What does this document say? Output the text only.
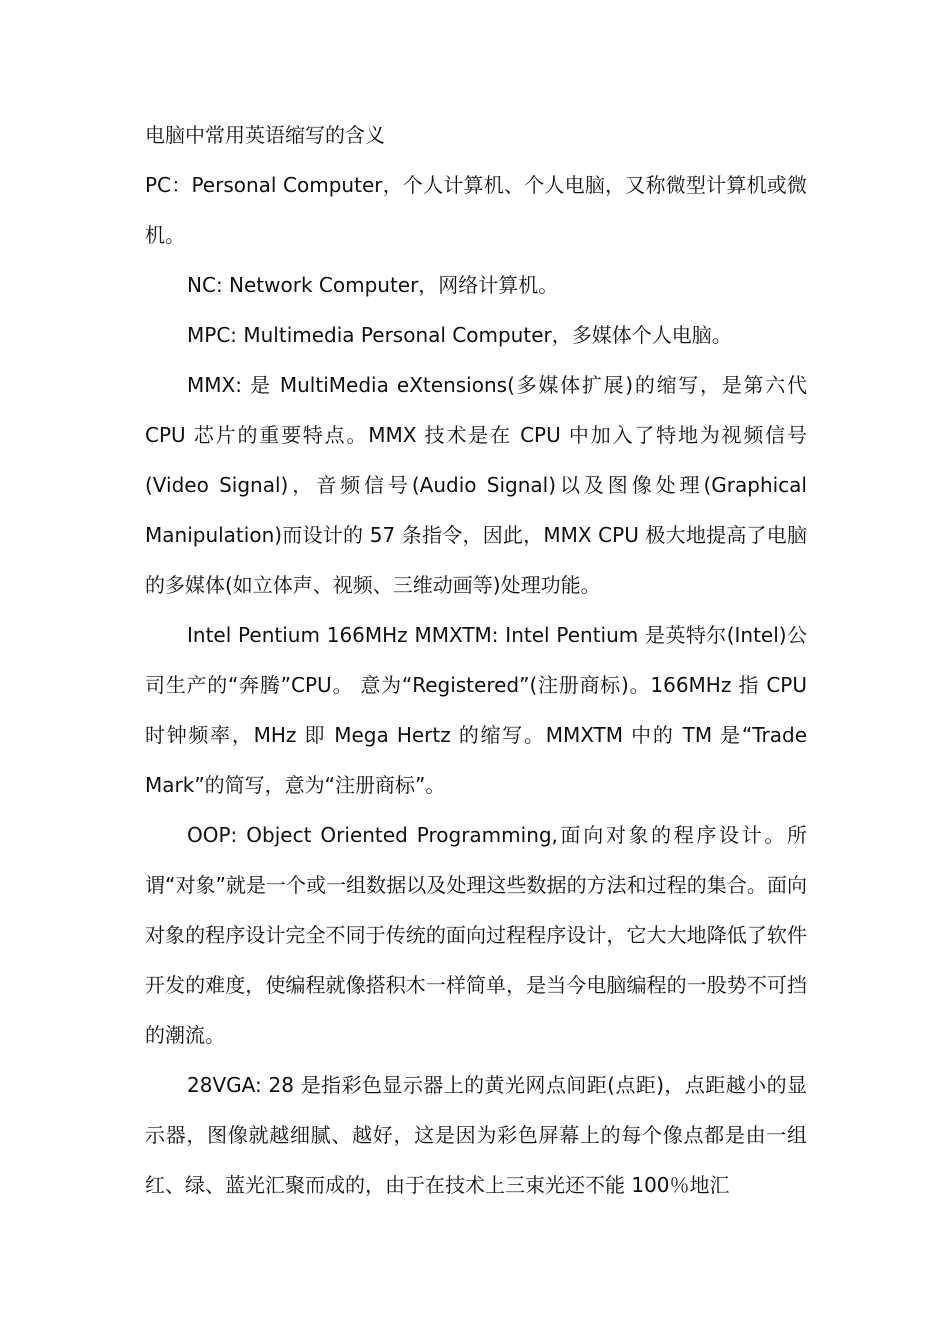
电脑中常用英语缩写的含义

PC：Personal Computer，个人计算机、个人电脑，又称微型计算机或微机。

NC: Network Computer，网络计算机。

MPC: Multimedia Personal Computer，多媒体个人电脑。

MMX: 是 MultiMedia eXtensions(多媒体扩展)的缩写，是第六代 CPU 芯片的重要特点。MMX 技术是在 CPU 中加入了特地为视频信号(Video Signal)，音频信号(Audio Signal)以及图像处理(Graphical Manipulation)而设计的 57 条指令，因此，MMX CPU 极大地提高了电脑的多媒体(如立体声、视频、三维动画等)处理功能。

Intel Pentium 166MHz MMXTM: Intel Pentium 是英特尔(Intel)公司生产的“奔腾”CPU。 意为“Registered”(注册商标)。166MHz 指 CPU 时钟频率，MHz 即 Mega Hertz 的缩写。MMXTM 中的 TM 是“Trade Mark”的简写，意为“注册商标”。

OOP: Object Oriented Programming,面向对象的程序设计。所谓“对象”就是一个或一组数据以及处理这些数据的方法和过程的集合。面向对象的程序设计完全不同于传统的面向过程程序设计，它大大地降低了软件开发的难度，使编程就像搭积木一样简单，是当今电脑编程的一股势不可挡的潮流。

28VGA: 28 是指彩色显示器上的黄光网点间距(点距)，点距越小的显示器，图像就越细腻、越好，这是因为彩色屏幕上的每个像点都是由一组红、绿、蓝光汇聚而成的，由于在技术上三束光还不能 100％地汇
